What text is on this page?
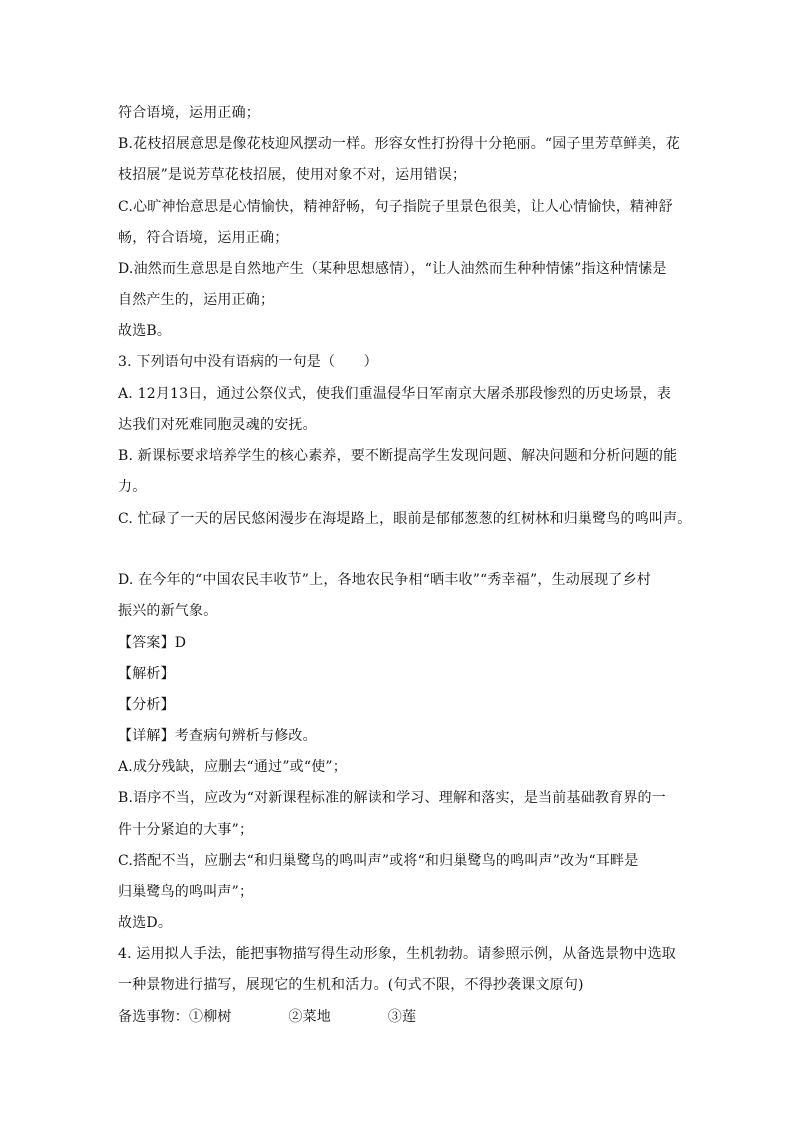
符合语境，运用正确；
B.花枝招展意思是像花枝迎风摆动一样。形容女性打扮得十分艳丽。“园子里芳草鲜美，花
枝招展”是说芳草花枝招展，使用对象不对，运用错误；
C.心旷神怡意思是心情愉快，精神舒畅，句子指院子里景色很美，让人心情愉快，精神舒
畅，符合语境，运用正确；
D.油然而生意思是自然地产生（某种思想感情），“让人油然而生种种情愫”指这种情愫是
自然产生的，运用正确；
故选B。
3. 下列语句中没有语病的一句是（　　）
A. 12月13日，通过公祭仪式，使我们重温侵华日军南京大屠杀那段惨烈的历史场景，表
达我们对死难同胞灵魂的安抚。
B. 新课标要求培养学生的核心素养，要不断提高学生发现问题、解决问题和分析问题的能
力。
C. 忙碌了一天的居民悠闲漫步在海堤路上，眼前是郁郁葱葱的红树林和归巢鹭鸟的鸣叫声。
D. 在今年的“中国农民丰收节”上，各地农民争相“晒丰收”“秀幸福”，生动展现了乡村
振兴的新气象。
【答案】D
【解析】
【分析】
【详解】考查病句辨析与修改。
A.成分残缺，应删去“通过”或“使”；
B.语序不当，应改为“对新课程标准的解读和学习、理解和落实，是当前基础教育界的一
件十分紧迫的大事”；
C.搭配不当，应删去“和归巢鹭鸟的鸣叫声”或将“和归巢鹭鸟的鸣叫声”改为“耳畔是
归巢鹭鸟的鸣叫声”；
故选D。
4. 运用拟人手法，能把事物描写得生动形象，生机勃勃。请参照示例，从备选景物中选取
一种景物进行描写，展现它的生机和活力。(句式不限，不得抄袭课文原句)
备选事物：①柳树　　　　②菜地　　　　③莲
